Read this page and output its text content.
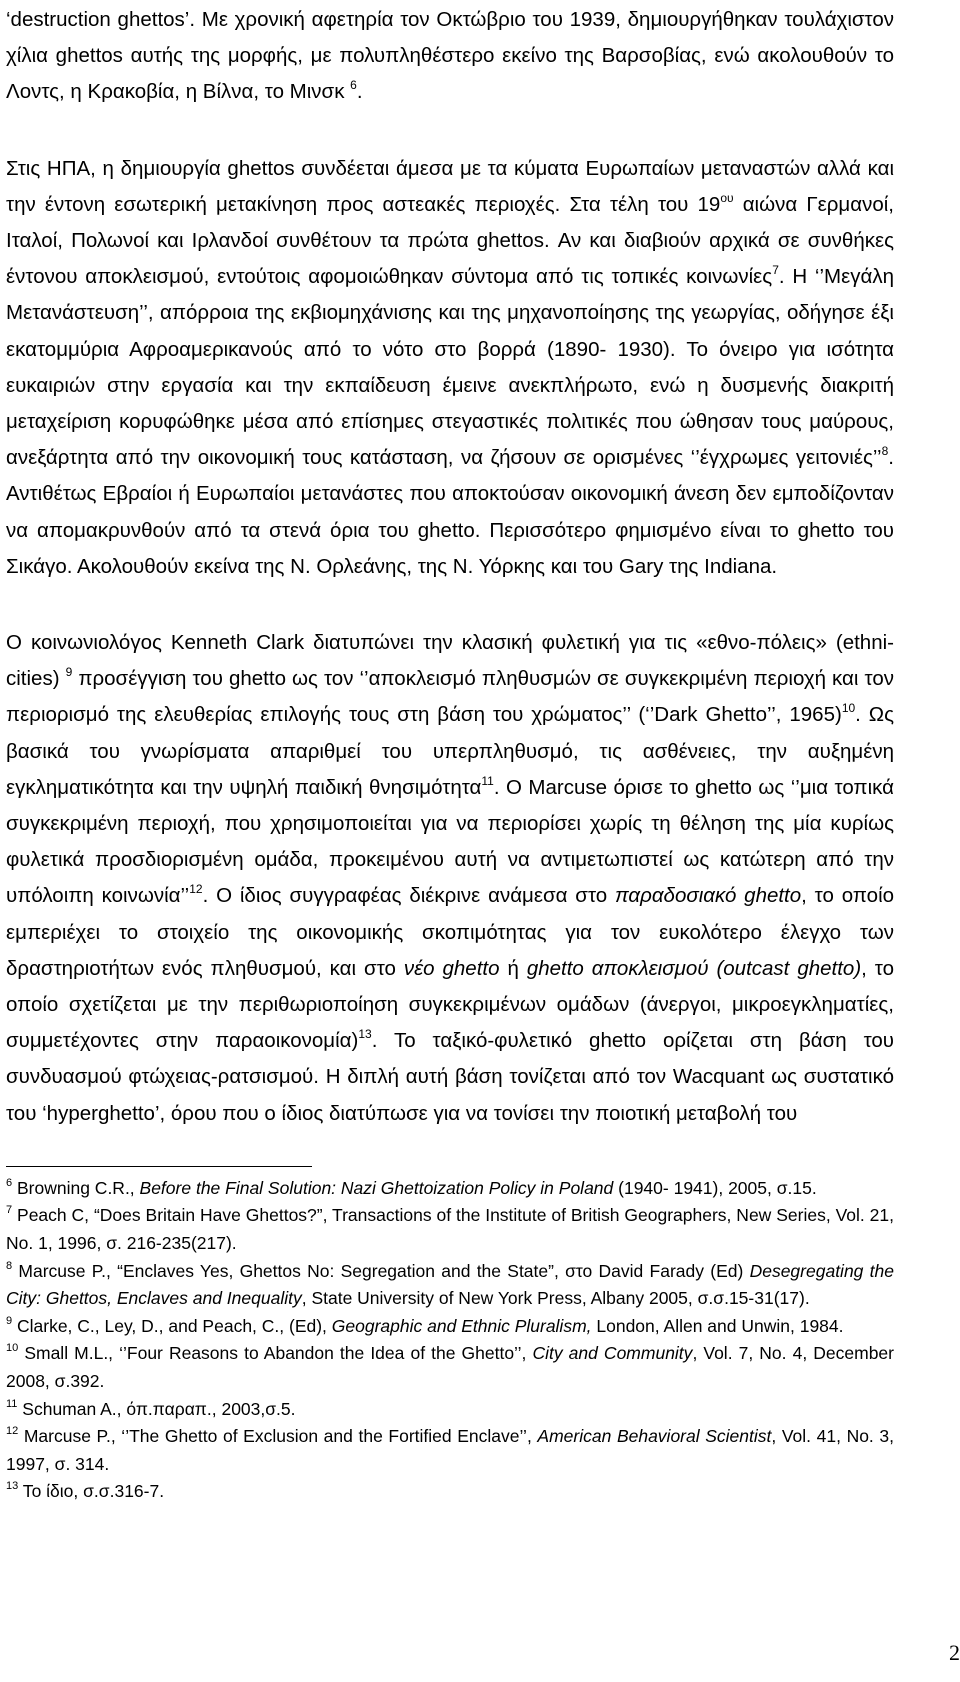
‘destruction ghettos’. Με χρονική αφετηρία τον Οκτώβριο του 1939, δημιουργήθηκαν τουλάχιστον χίλια ghettos αυτής της μορφής, με πολυπληθέστερο εκείνο της Βαρσοβίας, ενώ ακολουθούν το Λοντς, η Κρακοβία, η Βίλνα, το Μινσκ $^6$.

Στις ΗΠΑ, η δημιουργία ghettos συνδέεται άμεσα με τα κύματα Ευρωπαίων μεταναστών αλλά και την έντονη εσωτερική μετακίνηση προς αστεακές περιοχές. Στα τέλη του $19^{o\upsilon}$ αιώνα Γερμανοί, Ιταλοί, Πολωνοί και Ιρλανδοί συνθέτουν τα πρώτα ghettos. Αν και διαβιούν αρχικά σε συνθήκες έντονου αποκλεισμού, εντούτοις αφομοιώθηκαν σύντομα από τις τοπικές κοινωνίες$^7$. Η ‘’Μεγάλη Μετανάστευση’’, απόρροια της εκβιομηχάνισης και της μηχανοποίησης της γεωργίας, οδήγησε έξι εκατομμύρια Αφροαμερικανούς από το νότο στο βορρά (1890- 1930). Το όνειρο για ισότητα ευκαιριών στην εργασία και την εκπαίδευση έμεινε ανεκπλήρωτο, ενώ η δυσμενής διακριτή μεταχείριση κορυφώθηκε μέσα από επίσημες στεγαστικές πολιτικές που ώθησαν τους μαύρους, ανεξάρτητα από την οικονομική τους κατάσταση, να ζήσουν σε ορισμένες ‘’έγχρωμες γειτονιές’’$^8$. Αντιθέτως Εβραίοι ή Ευρωπαίοι μετανάστες που αποκτούσαν οικονομική άνεση δεν εμποδίζονταν να απομακρυνθούν από τα στενά όρια του ghetto. Περισσότερο φημισμένο είναι το ghetto του Σικάγο. Ακολουθούν εκείνα της Ν. Ορλεάνης, της Ν. Υόρκης και του Gary της Indiana.

Ο κοινωνιολόγος Kenneth Clark διατυπώνει την κλασική φυλετική για τις «εθνο-πόλεις» (ethni-cities) $^9$ προσέγγιση του ghetto ως τον ‘’αποκλεισμό πληθυσμών σε συγκεκριμένη περιοχή και τον περιορισμό της ελευθερίας επιλογής τους στη βάση του χρώματος’’ (‘’Dark Ghetto’’, 1965)$^{10}$. Ως βασικά του γνωρίσματα απαριθμεί του υπερπληθυσμό, τις ασθένειες, την αυξημένη εγκληματικότητα και την υψηλή παιδική θνησιμότητα$^{11}$. Ο Marcuse όρισε το ghetto ως ‘’μια τοπικά συγκεκριμένη περιοχή, που χρησιμοποιείται για να περιορίσει χωρίς τη θέληση της μία κυρίως φυλετικά προσδιορισμένη ομάδα, προκειμένου αυτή να αντιμετωπιστεί ως κατώτερη από την υπόλοιπη κοινωνία’’$^{12}$. Ο ίδιος συγγραφέας διέκρινε ανάμεσα στο παραδοσιακό ghetto, το οποίο εμπεριέχει το στοιχείο της οικονομικής σκοπιμότητας για τον ευκολότερο έλεγχο των δραστηριοτήτων ενός πληθυσμού, και στο νέο ghetto ή ghetto αποκλεισμού (outcast ghetto), το οποίο σχετίζεται με την περιθωριοποίηση συγκεκριμένων ομάδων (άνεργοι, μικροεγκληματίες, συμμετέχοντες στην παραοικονομία)$^{13}$. Το ταξικό-φυλετικό ghetto ορίζεται στη βάση του συνδυασμού φτώχειας-ρατσισμού. Η διπλή αυτή βάση τονίζεται από τον Wacquant ως συστατικό του ‘hyperghetto’, όρου που ο ίδιος διατύπωσε για να τονίσει την ποιοτική μεταβολή του

$^6$ Browning C.R., Before the Final Solution: Nazi Ghettoization Policy in Poland (1940- 1941), 2005, σ.15.

$^7$ Peach C, “Does Britain Have Ghettos?”, Transactions of the Institute of British Geographers, New Series, Vol. 21, No. 1, 1996, σ. 216-235(217).

$^8$ Marcuse P., “Enclaves Yes, Ghettos No: Segregation and the State”, στο David Farady (Ed) Desegregating the City: Ghettos, Enclaves and Inequality, State University of New York Press, Albany 2005, σ.σ.15-31(17).

$^9$ Clarke, C., Ley, D., and Peach, C., (Ed), Geographic and Ethnic Pluralism, London, Allen and Unwin, 1984.

$^{10}$ Small M.L., ‘’Four Reasons to Abandon the Idea of the Ghetto’’, City and Community, Vol. 7, No. 4, December 2008, σ.392.

$^{11}$ Schuman A., όπ.παραπ., 2003,σ.5.

$^{12}$ Marcuse P., ‘’The Ghetto of Exclusion and the Fortified Enclave’’, American Behavioral Scientist, Vol. 41, No. 3, 1997, σ. 314.

$^{13}$ Το ίδιο, σ.σ.316-7.

2
